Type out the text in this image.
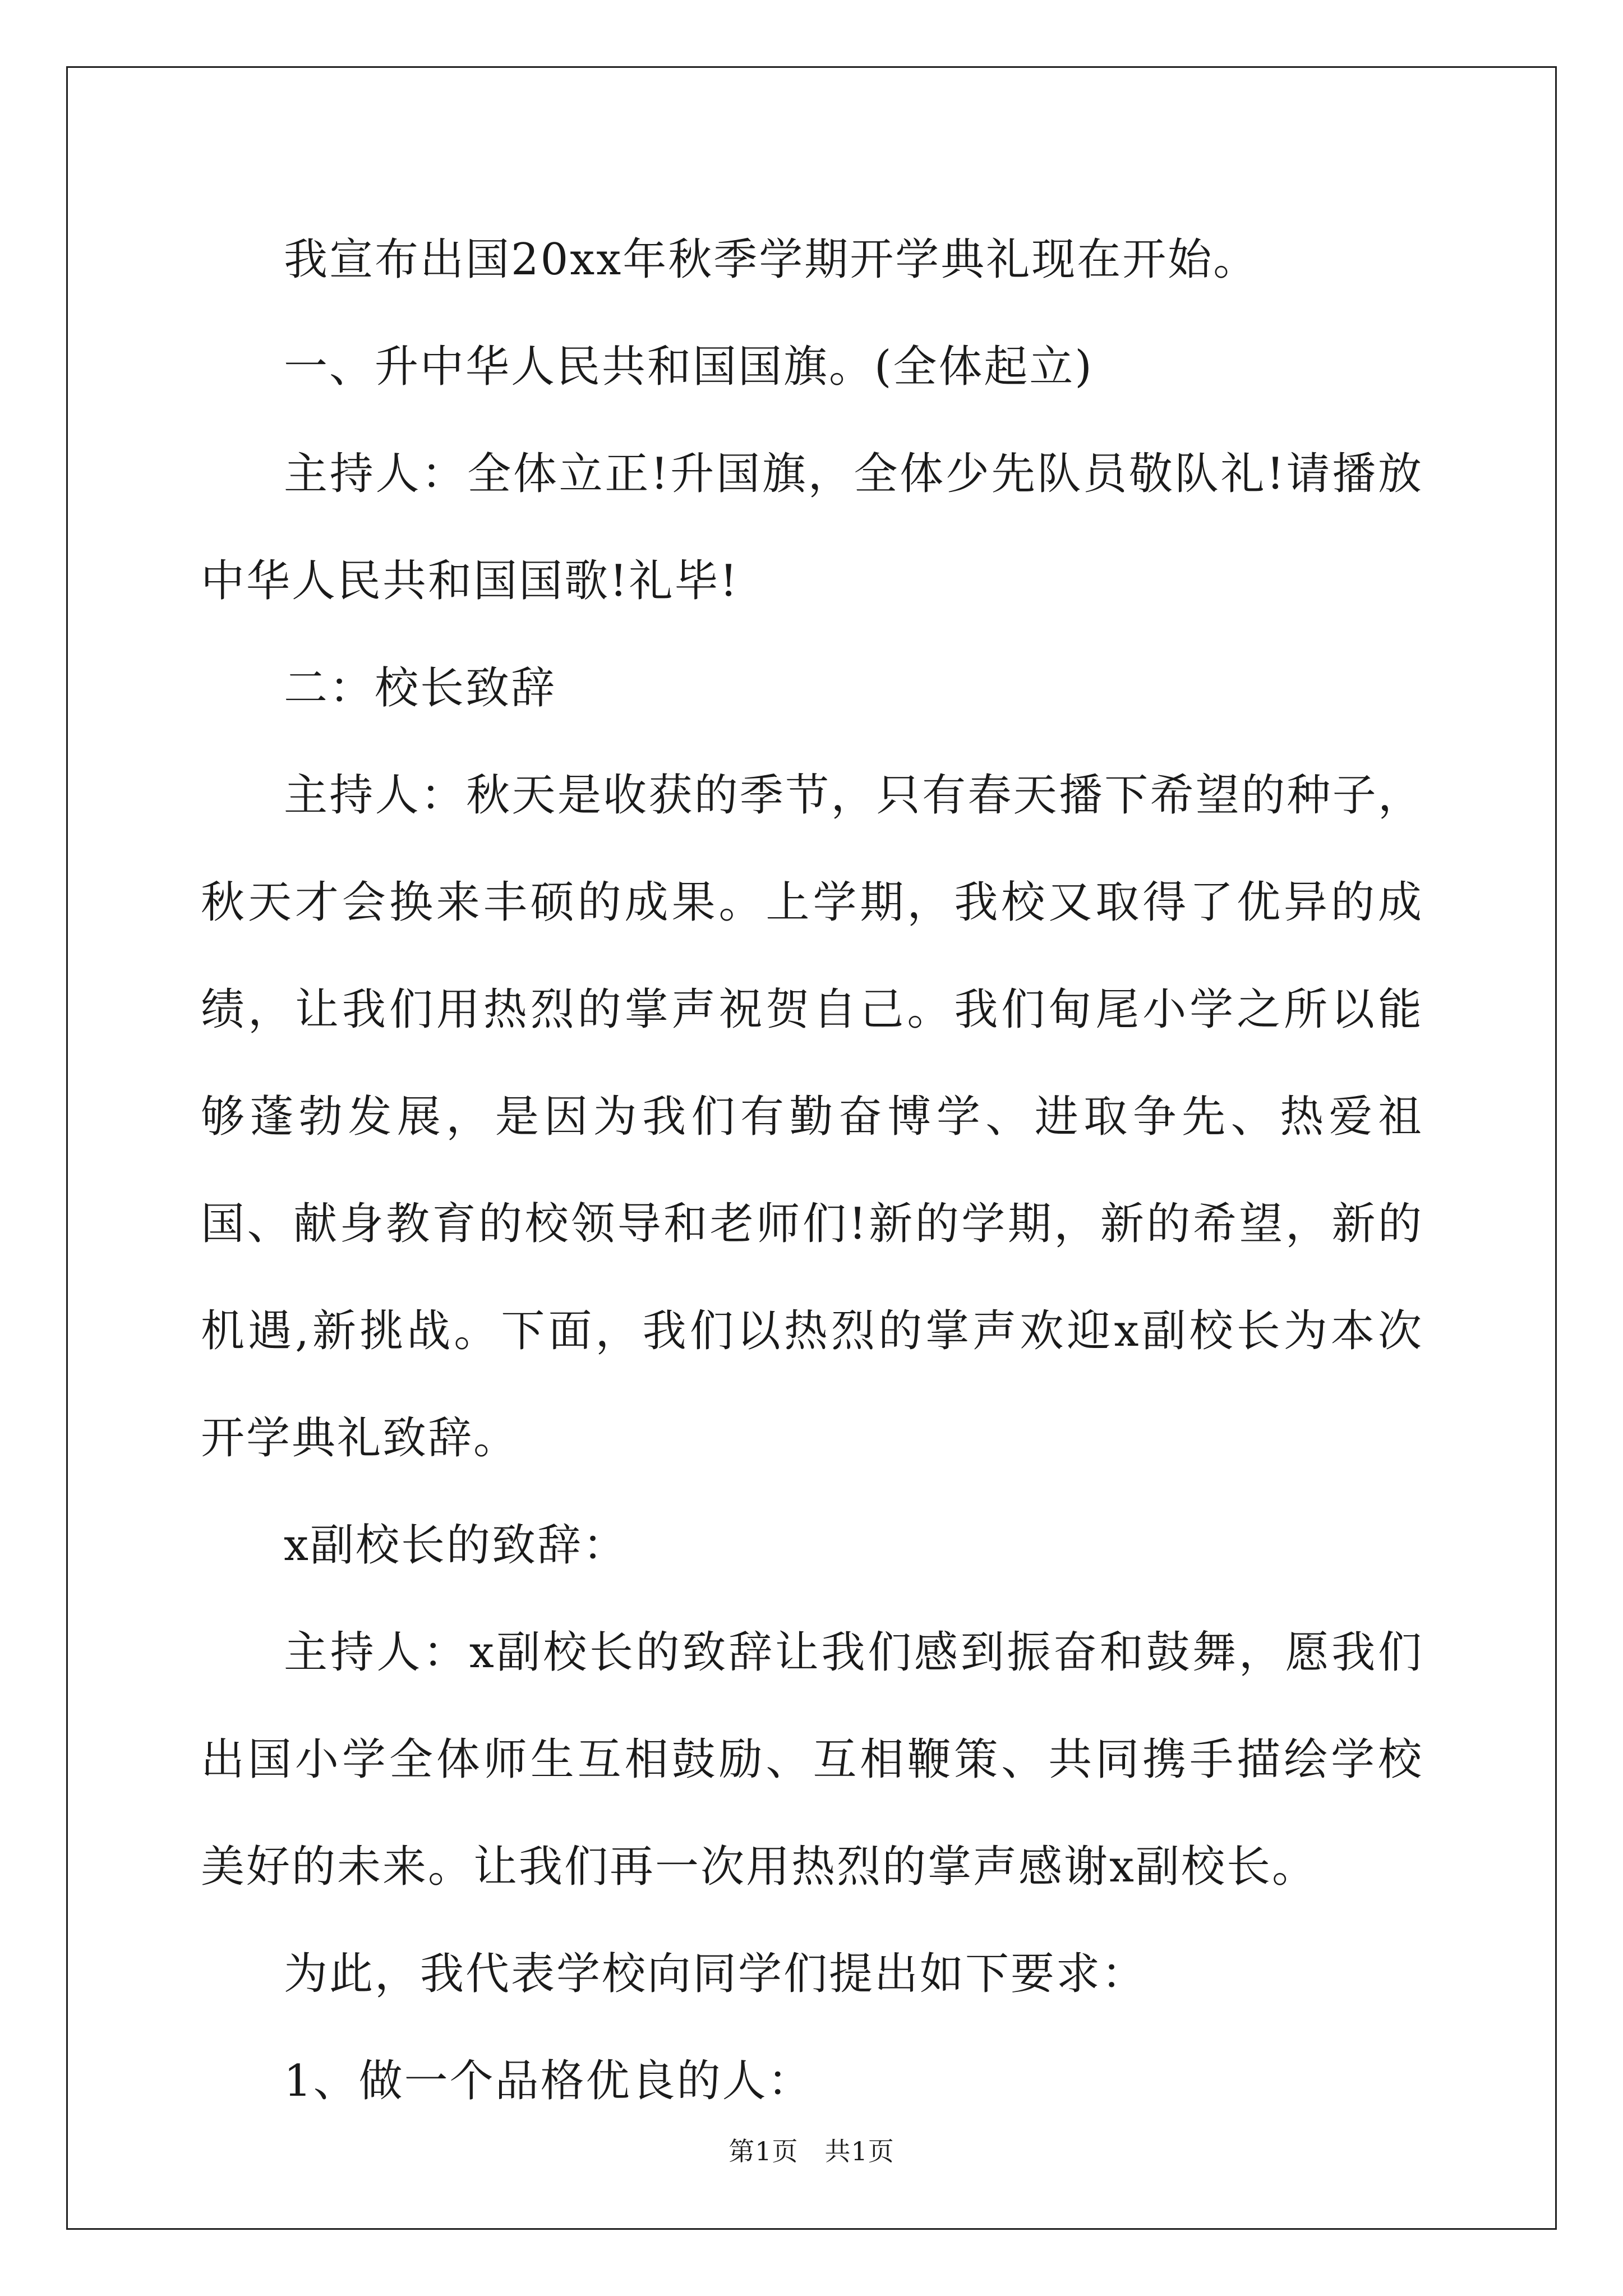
我宣布出国20xx年秋季学期开学典礼现在开始。

一、升中华人民共和国国旗。(全体起立)

主持人：全体立正!升国旗，全体少先队员敬队礼!请播放中华人民共和国国歌!礼毕!

二：校长致辞

主持人：秋天是收获的季节，只有春天播下希望的种子，秋天才会换来丰硕的成果。上学期，我校又取得了优异的成绩，让我们用热烈的掌声祝贺自己。我们甸尾小学之所以能够蓬勃发展，是因为我们有勤奋博学、进取争先、热爱祖国、献身教育的校领导和老师们!新的学期，新的希望，新的机遇,新挑战。下面，我们以热烈的掌声欢迎x副校长为本次开学典礼致辞。

x副校长的致辞：

主持人：x副校长的致辞让我们感到振奋和鼓舞，愿我们出国小学全体师生互相鼓励、互相鞭策、共同携手描绘学校美好的未来。让我们再一次用热烈的掌声感谢x副校长。

为此，我代表学校向同学们提出如下要求：

1、做一个品格优良的人：

第1页　共1页
